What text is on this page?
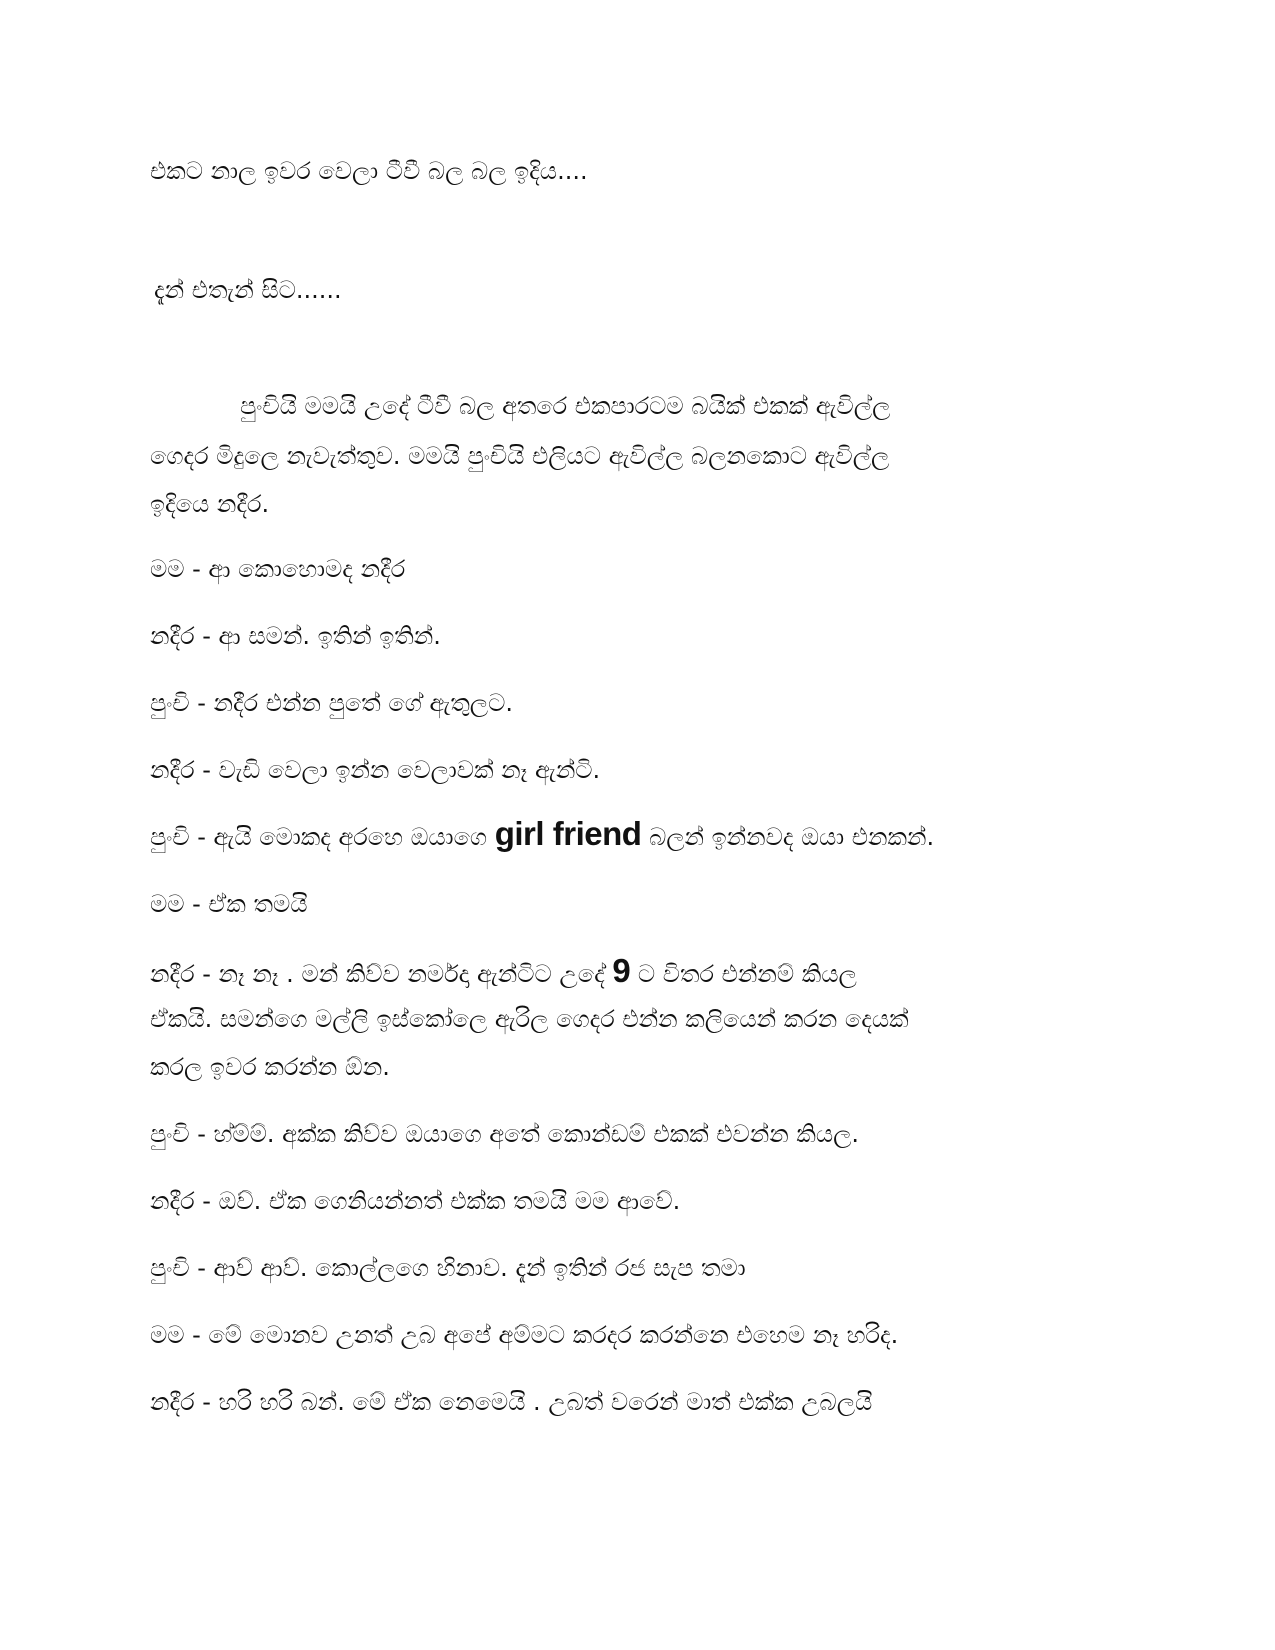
එකට නාල ඉවර වෙලා ටීවී බල බල ඉදිය....
දැන් එතැන් සිට......
පුංචියි මමයි උදේ ටීවී බල අතරෙ එකපාරටම බයික් එකක් ඇවිල්ල
ගෙදර මිදුලෙ නැවැත්තුව. මමයි පුංචියි එලියට ඇවිල්ල බලනකොට ඇවිල්ල
ඉදියෙ නදීර.
මම - ආ කොහොමද නදීර
නදීර - ආ සමන්. ඉතින් ඉතින්.
පුංචි - නදීර එන්න පුතේ ගේ ඇතුලට.
නදීර - වැඩි වෙලා ඉන්න වෙලාවක් නෑ ඇන්ටි.
පුංචි - ඇයි මොකද අරහෙ ඔයාගෙ girl friend බලන් ඉන්නවද ඔයා එනකන්.
මම - ඒක තමයි
නදීර - නෑ නෑ . මන් කිව්ව නර්මදා ඇන්ටිට උදේ 9 ට විතර එන්නම් කියල
ඒකයි. සමන්ගෙ මල්ලි ඉස්කෝලෙ ඇරිල ගෙදර එන්න කලියෙන් කරන දෙයක්
කරල ඉවර කරන්න ඕන.
පුංචි - හ්ම්ම්. අක්ක කිව්ව ඔයාගෙ අතේ කොන්ඩම් එකක් එවන්න කියල.
නදීර - ඔව්. ඒක ගෙනියන්නත් එක්ක තමයි මම ආවේ.
පුංචි - ආව් ආව්. කොල්ලගෙ හිනාව. දැන් ඉතින් රජ සැප තමා
මම - මේ මොනව උනත් උබ අපේ අම්මට කරදර කරන්නෙ එහෙම නෑ හරිද.
නදීර - හරි හරි බන්. මේ ඒක නෙමෙයි . උබත් වරෙන් මාත් එක්ක උබලයි
